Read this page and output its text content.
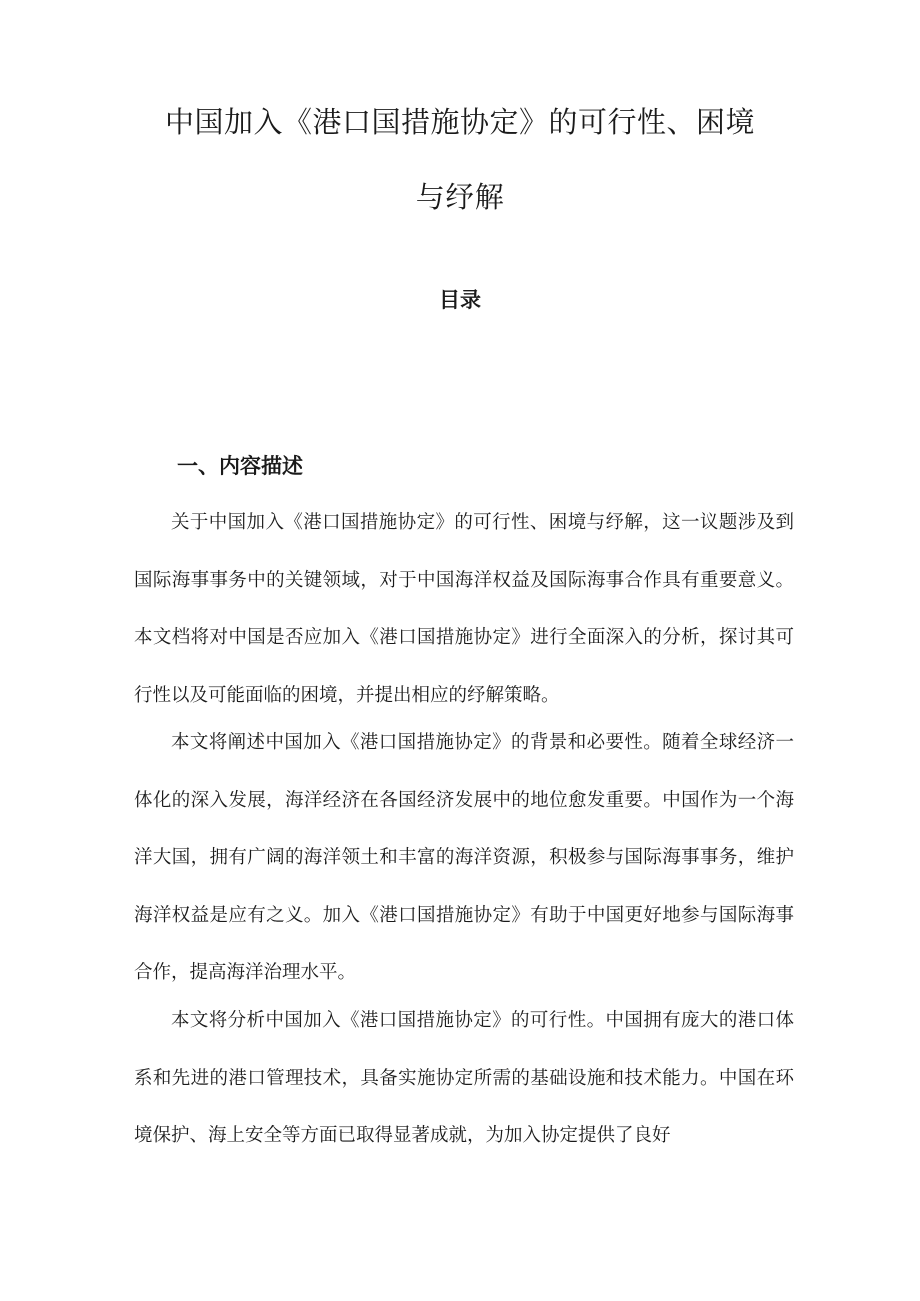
中国加入《港口国措施协定》的可行性、困境
与纾解
目录
一、内容描述

关于中国加入《港口国措施协定》的可行性、困境与纾解，这一议题涉及到国际海事事务中的关键领域，对于中国海洋权益及国际海事合作具有重要意义。本文档将对中国是否应加入《港口国措施协定》进行全面深入的分析，探讨其可行性以及可能面临的困境，并提出相应的纾解策略。

本文将阐述中国加入《港口国措施协定》的背景和必要性。随着全球经济一体化的深入发展，海洋经济在各国经济发展中的地位愈发重要。中国作为一个海洋大国，拥有广阔的海洋领土和丰富的海洋资源，积极参与国际海事事务，维护海洋权益是应有之义。加入《港口国措施协定》有助于中国更好地参与国际海事合作，提高海洋治理水平。

本文将分析中国加入《港口国措施协定》的可行性。中国拥有庞大的港口体系和先进的港口管理技术，具备实施协定所需的基础设施和技术能力。中国在环境保护、海上安全等方面已取得显著成就，为加入协定提供了良好
